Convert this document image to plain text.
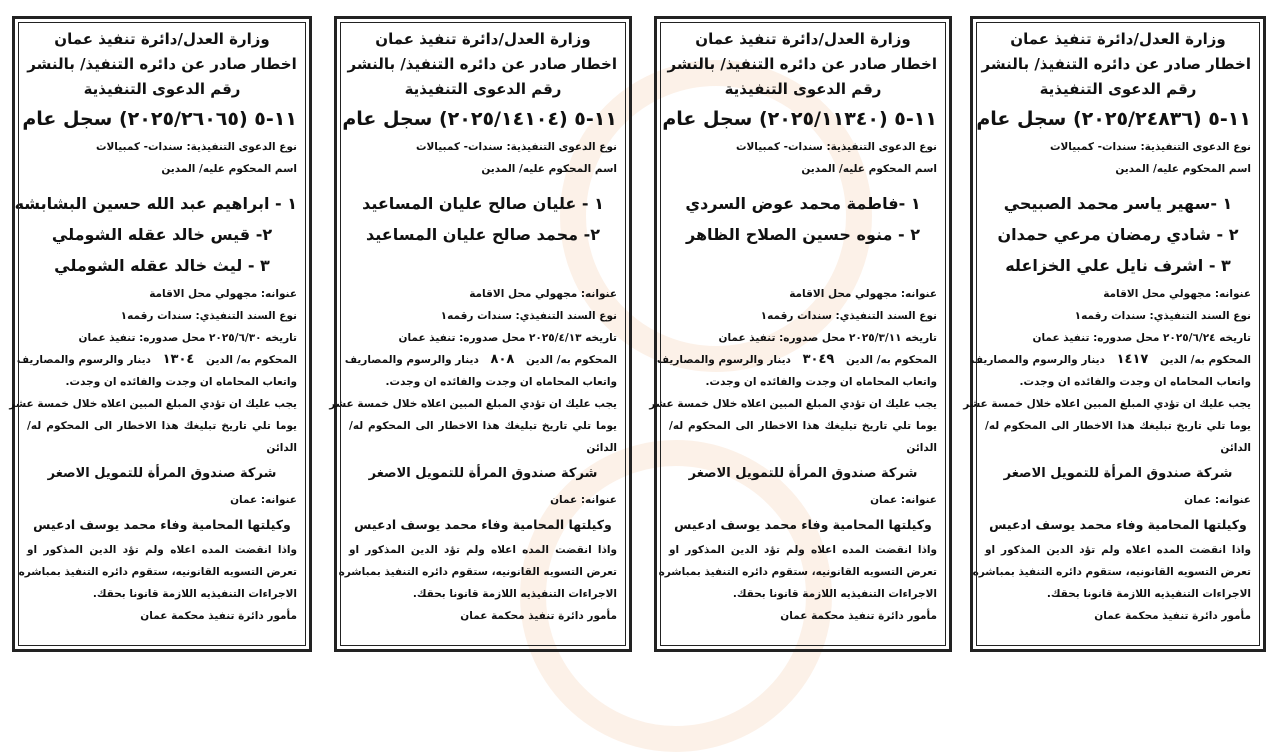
وزارة العدل/دائرة تنفيذ عمان
اخطار صادر عن دائره التنفيذ/ بالنشر
رقم الدعوى التنفيذية
١١-٥ (٢٠٢٥/٢٦٠٦٥) سجل عام
نوع الدعوى التنفيذية: سندات- كمبيالات
اسم المحكوم عليه/ المدين
١ - ابراهيم عبد الله حسين البشابشه
٢- قيس خالد عقله الشوملي
٣ - ليث خالد عقله الشوملي
عنوانه: مجهولي محل الاقامة
نوع السند التنفيذي: سندات رقمه١
تاريخه ٢٠٢٥/٦/٣٠ محل صدوره: تنفيذ عمان
المحكوم به/ الدين ١٣٠٤ دينار والرسوم والمصاريف
واتعاب المحاماه ان وجدت والفائده ان وجدت.
يجب عليك ان تؤدي المبلغ المبين اعلاه خلال خمسة عشر
يوما تلي تاريخ تبليغك هذا الاخطار الى المحكوم له/
الدائن
شركة صندوق المرأة للتمويل الاصغر
عنوانه: عمان
وكيلتها المحامية وفاء محمد يوسف ادعيس
واذا انقضت المده اعلاه ولم تؤد الدين المذكور او
تعرض التسويه القانونيه، ستقوم دائره التنفيذ بمباشره
الاجراءات التنفيذيه اللازمة قانونا بحقك.
مأمور دائرة تنفيذ محكمة عمان
وزارة العدل/دائرة تنفيذ عمان
اخطار صادر عن دائره التنفيذ/ بالنشر
رقم الدعوى التنفيذية
١١-٥ (٢٠٢٥/١٤١٠٤) سجل عام
نوع الدعوى التنفيذية: سندات- كمبيالات
اسم المحكوم عليه/ المدين
١ - عليان صالح عليان المساعيد
٢- محمد صالح عليان المساعيد
عنوانه: مجهولي محل الاقامة
نوع السند التنفيذي: سندات رقمه١
تاريخه ٢٠٢٥/٤/١٣ محل صدوره: تنفيذ عمان
المحكوم به/ الدين ٨٠٨ دينار والرسوم والمصاريف
واتعاب المحاماه ان وجدت والفائده ان وجدت.
يجب عليك ان تؤدي المبلغ المبين اعلاه خلال خمسة عشر
يوما تلي تاريخ تبليغك هذا الاخطار الى المحكوم له/
الدائن
شركة صندوق المرأة للتمويل الاصغر
عنوانه: عمان
وكيلتها المحامية وفاء محمد يوسف ادعيس
واذا انقضت المده اعلاه ولم تؤد الدين المذكور او
تعرض التسويه القانونيه، ستقوم دائره التنفيذ بمباشره
الاجراءات التنفيذيه اللازمة قانونا بحقك.
مأمور دائرة تنفيذ محكمة عمان
وزارة العدل/دائرة تنفيذ عمان
اخطار صادر عن دائره التنفيذ/ بالنشر
رقم الدعوى التنفيذية
١١-٥ (٢٠٢٥/١١٣٤٠) سجل عام
نوع الدعوى التنفيذية: سندات- كمبيالات
اسم المحكوم عليه/ المدين
١ -فاطمة محمد عوض السردي
٢ - منوه حسين الصلاح الظاهر
عنوانه: مجهولي محل الاقامة
نوع السند التنفيذي: سندات رقمه١
تاريخه ٢٠٢٥/٣/١١ محل صدوره: تنفيذ عمان
المحكوم به/ الدين ٣٠٤٩ دينار والرسوم والمصاريف
واتعاب المحاماه ان وجدت والفائده ان وجدت.
يجب عليك ان تؤدي المبلغ المبين اعلاه خلال خمسة عشر
يوما تلي تاريخ تبليغك هذا الاخطار الى المحكوم له/
الدائن
شركة صندوق المرأة للتمويل الاصغر
عنوانه: عمان
وكيلتها المحامية وفاء محمد يوسف ادعيس
واذا انقضت المده اعلاه ولم تؤد الدين المذكور او
تعرض التسويه القانونيه، ستقوم دائره التنفيذ بمباشره
الاجراءات التنفيذيه اللازمة قانونا بحقك.
مأمور دائرة تنفيذ محكمة عمان
وزارة العدل/دائرة تنفيذ عمان
اخطار صادر عن دائره التنفيذ/ بالنشر
رقم الدعوى التنفيذية
١١-٥ (٢٠٢٥/٢٤٨٣٦) سجل عام
نوع الدعوى التنفيذية: سندات- كمبيالات
اسم المحكوم عليه/ المدين
١ -سهير ياسر محمد الصبيحي
٢ - شادي رمضان مرعي حمدان
٣ - اشرف نايل علي الخزاعله
عنوانه: مجهولي محل الاقامة
نوع السند التنفيذي: سندات رقمه١
تاريخه ٢٠٢٥/٦/٢٤ محل صدوره: تنفيذ عمان
المحكوم به/ الدين ١٤١٧ دينار والرسوم والمصاريف
واتعاب المحاماه ان وجدت والفائده ان وجدت.
يجب عليك ان تؤدي المبلغ المبين اعلاه خلال خمسة عشر
يوما تلي تاريخ تبليغك هذا الاخطار الى المحكوم له/
الدائن
شركة صندوق المرأة للتمويل الاصغر
عنوانه: عمان
وكيلتها المحامية وفاء محمد يوسف ادعيس
واذا انقضت المده اعلاه ولم تؤد الدين المذكور او
تعرض التسويه القانونيه، ستقوم دائره التنفيذ بمباشره
الاجراءات التنفيذيه اللازمة قانونا بحقك.
مأمور دائرة تنفيذ محكمة عمان
